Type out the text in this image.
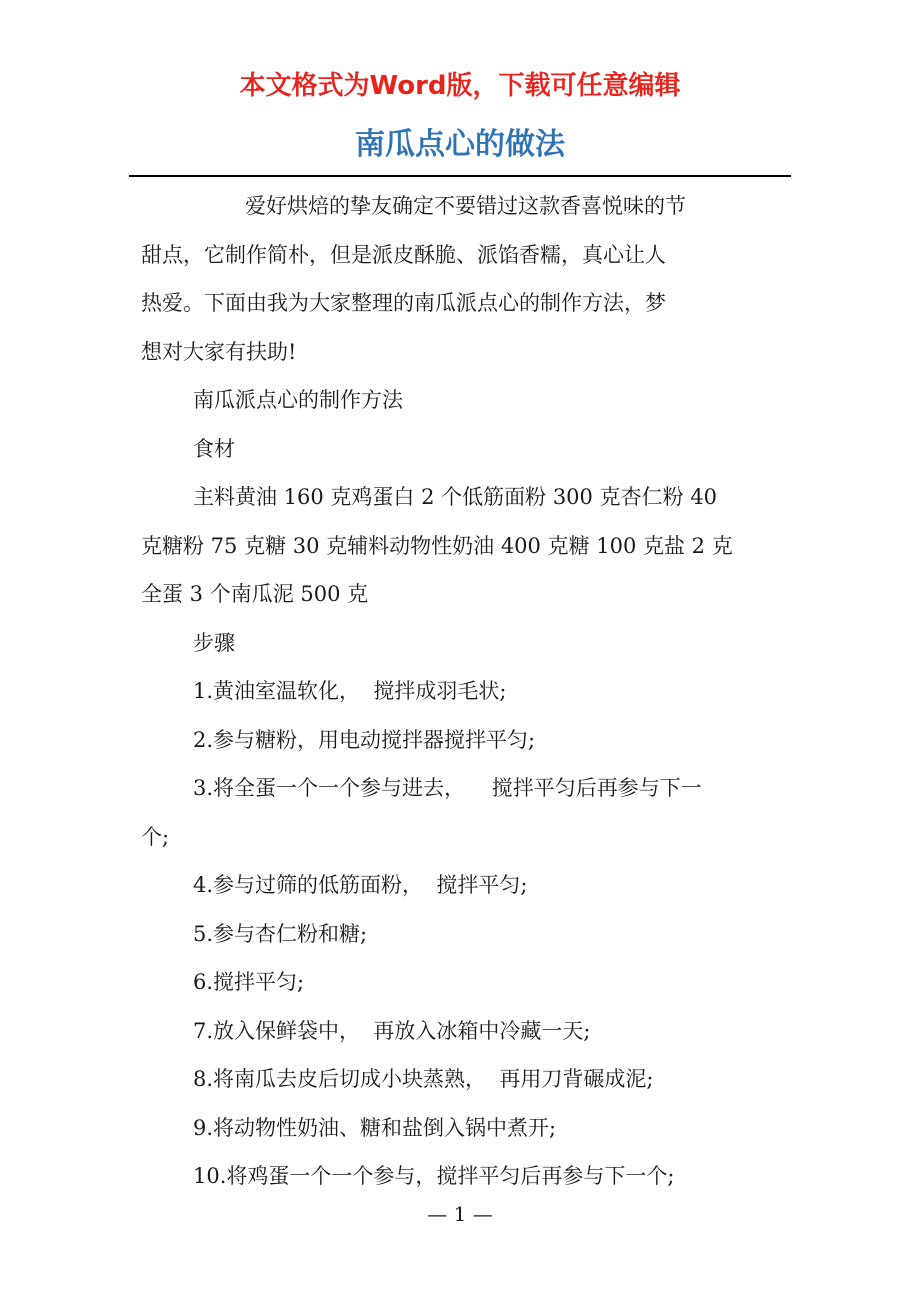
本文格式为Word版，下载可任意编辑
南瓜点心的做法

爱好烘焙的挚友确定不要错过这款香喜悦味的节

甜点，它制作简朴，但是派皮酥脆、派馅香糯，真心让人

热爱。下面由我为大家整理的南瓜派点心的制作方法，梦

想对大家有扶助!

南瓜派点心的制作方法

食材

主料黄油 160 克鸡蛋白 2 个低筋面粉 300 克杏仁粉 40

克糖粉 75 克糖 30 克辅料动物性奶油 400 克糖 100 克盐 2 克

全蛋 3 个南瓜泥 500 克

步骤

1.黄油室温软化，  搅拌成羽毛状;

2.参与糖粉，用电动搅拌器搅拌平匀;

3.将全蛋一个一个参与进去，    搅拌平匀后再参与下一

个;

4.参与过筛的低筋面粉，  搅拌平匀;

5.参与杏仁粉和糖;

6.搅拌平匀;

7.放入保鲜袋中，  再放入冰箱中冷藏一天;

8.将南瓜去皮后切成小块蒸熟，  再用刀背碾成泥;

9.将动物性奶油、糖和盐倒入锅中煮开;

10.将鸡蛋一个一个参与，搅拌平匀后再参与下一个;

— 1 —
